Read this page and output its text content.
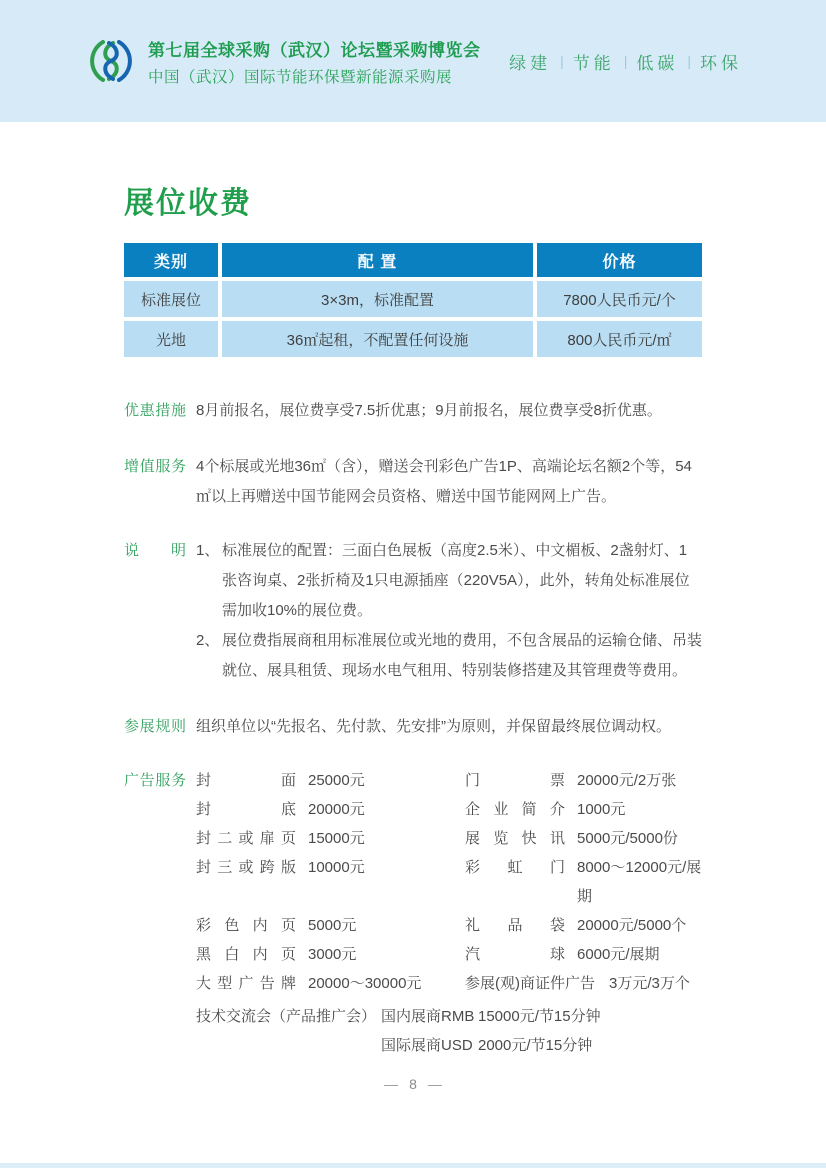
第七届全球采购（武汉）论坛暨采购博览会
中国（武汉）国际节能环保暨新能源采购展
绿建 | 节能 | 低碳 | 环保
展位收费
类别	配 置	价格
标准展位	3×3m，标准配置	7800人民币元/个
光地	36㎡起租，不配置任何设施	800人民币元/㎡
优惠措施 8月前报名，展位费享受7.5折优惠；9月前报名，展位费享受8折优惠。
增值服务 4个标展或光地36㎡（含），赠送会刊彩色广告1P、高端论坛名额2个等，54㎡以上再赠送中国节能网会员资格、赠送中国节能网网上广告。
说明 1、 标准展位的配置：三面白色展板（高度2.5米）、中文楣板、2盏射灯、1张咨询桌、2张折椅及1只电源插座（220V5A），此外，转角处标准展位需加收10%的展位费。
2、 展位费指展商租用标准展位或光地的费用，不包含展品的运输仓储、吊装就位、展具租赁、现场水电气租用、特别装修搭建及其管理费等费用。
参展规则 组织单位以“先报名、先付款、先安排”为原则，并保留最终展位调动权。
广告服务 封面 25000元	门票 20000元/2万张
封底 20000元	企业简介 1000元
封二或扉页 15000元	展览快讯 5000元/5000份
封三或跨版 10000元	彩虹门 8000～12000元/展期
彩色内页 5000元	礼品袋 20000元/5000个
黑白内页 3000元	汽球 6000元/展期
大型广告牌 20000～30000元	参展(观)商证件广告 3万元/3万个
技术交流会（产品推广会） 国内展商RMB 15000元/节15分钟
国际展商USD 2000元/节15分钟
— 8 —
